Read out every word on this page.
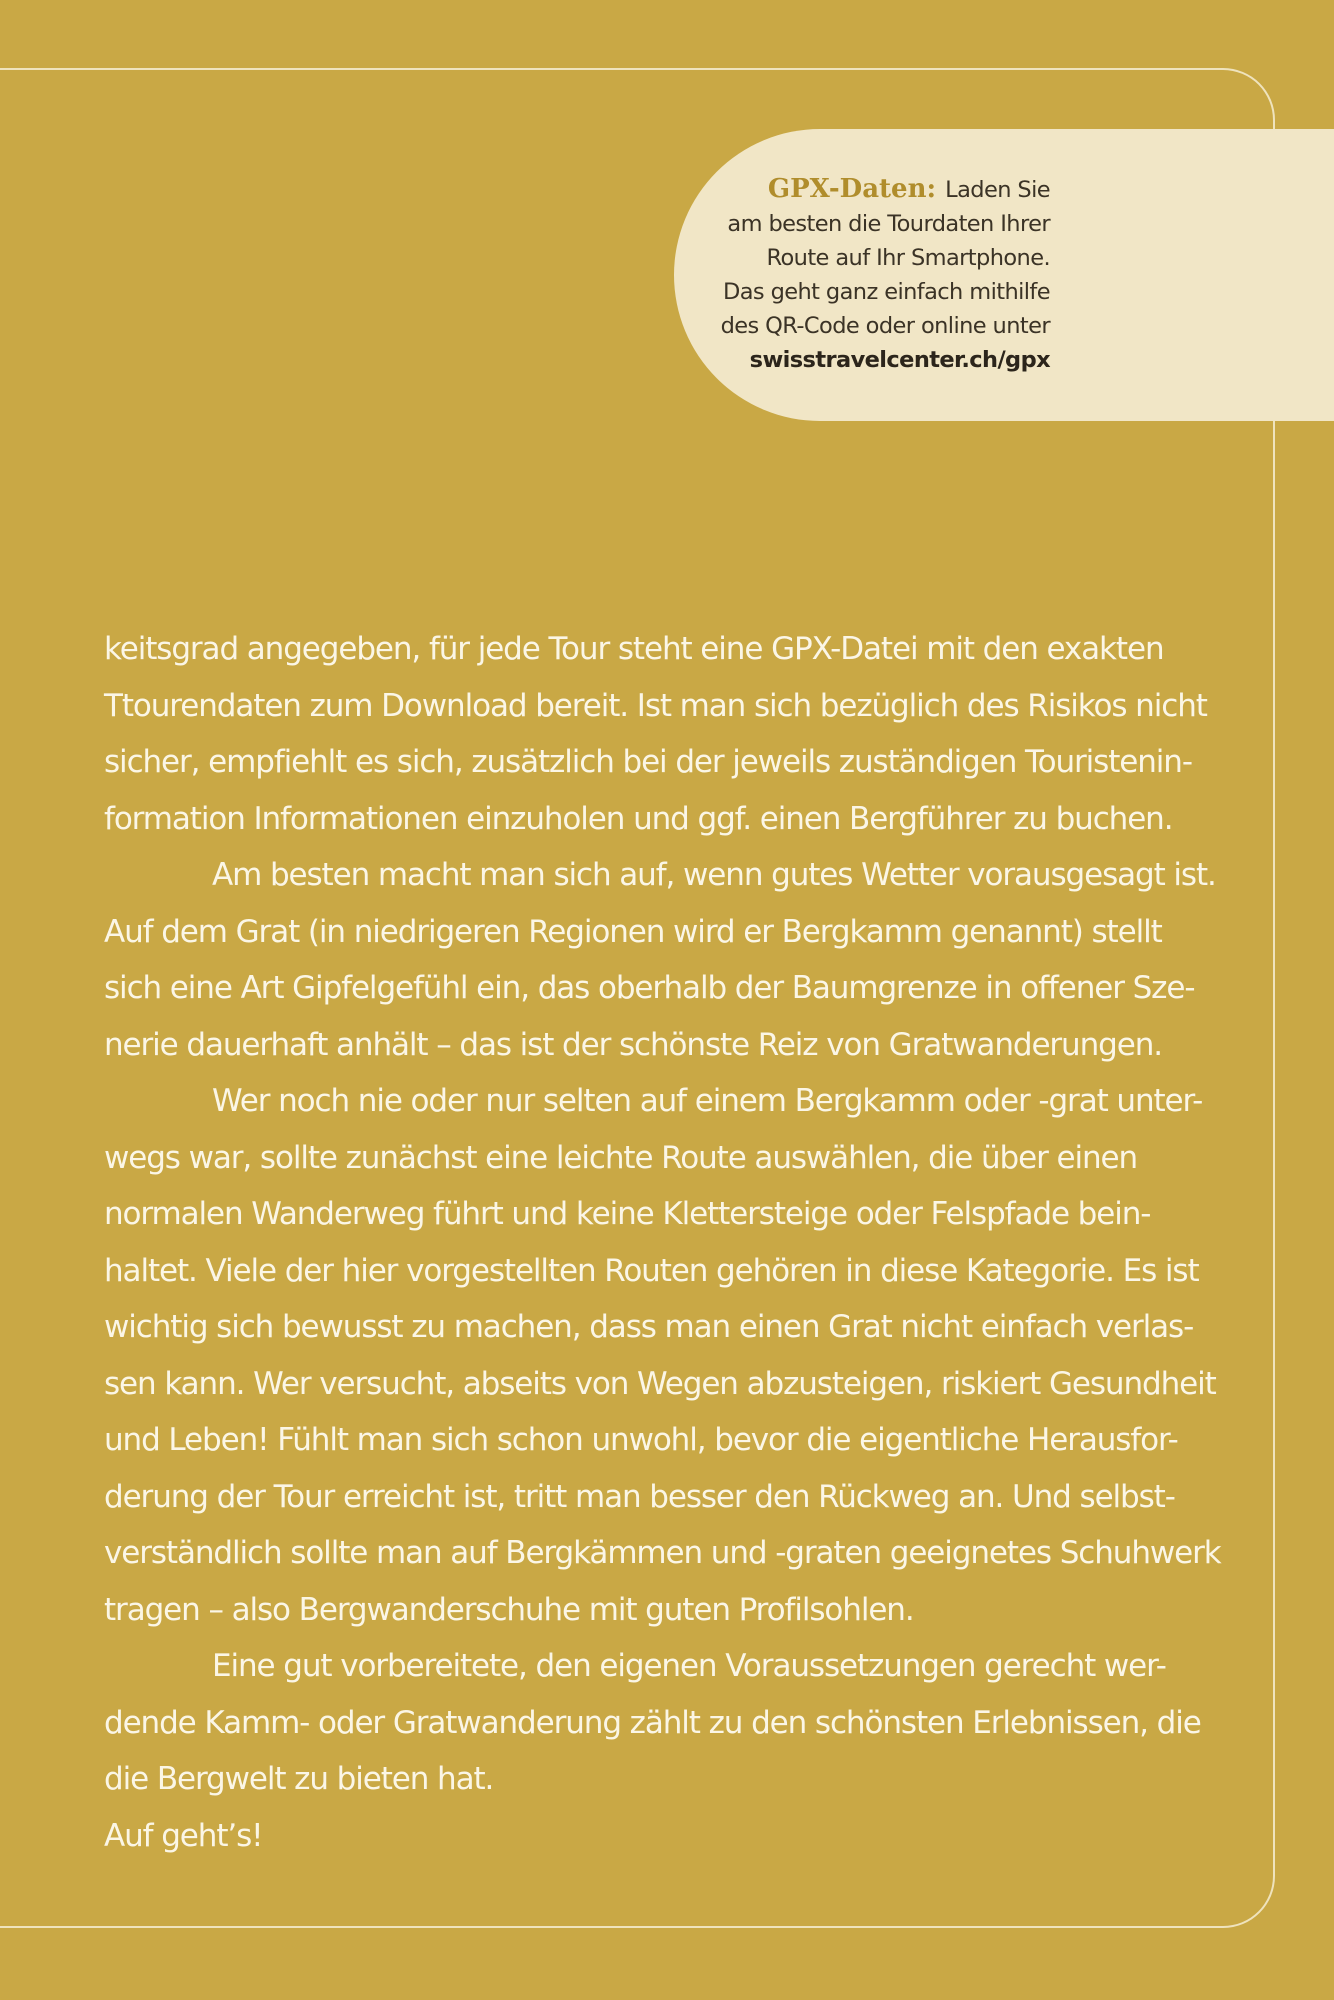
GPX-Daten: Laden Sie
am besten die Tourdaten Ihrer
Route auf Ihr Smartphone.
Das geht ganz einfach mithilfe
des QR-Code oder online unter
swisstravelcenter.ch/gpx
keitsgrad angegeben, für jede Tour steht eine GPX-Datei mit den exakten
Ttourendaten zum Download bereit. Ist man sich bezüglich des Risikos nicht
sicher, empfiehlt es sich, zusätzlich bei der jeweils zuständigen Touristenin-
formation Informationen einzuholen und ggf. einen Bergführer zu buchen.
Am besten macht man sich auf, wenn gutes Wetter vorausgesagt ist.
Auf dem Grat (in niedrigeren Regionen wird er Bergkamm genannt) stellt
sich eine Art Gipfelgefühl ein, das oberhalb der Baumgrenze in offener Sze-
nerie dauerhaft anhält – das ist der schönste Reiz von Gratwanderungen.
Wer noch nie oder nur selten auf einem Bergkamm oder -grat unter-
wegs war, sollte zunächst eine leichte Route auswählen, die über einen
normalen Wanderweg führt und keine Klettersteige oder Felspfade bein-
haltet. Viele der hier vorgestellten Routen gehören in diese Kategorie. Es ist
wichtig sich bewusst zu machen, dass man einen Grat nicht einfach verlas-
sen kann. Wer versucht, abseits von Wegen abzusteigen, riskiert Gesundheit
und Leben! Fühlt man sich schon unwohl, bevor die eigentliche Herausfor-
derung der Tour erreicht ist, tritt man besser den Rückweg an. Und selbst-
verständlich sollte man auf Bergkämmen und -graten geeignetes Schuhwerk
tragen – also Bergwanderschuhe mit guten Profilsohlen.
Eine gut vorbereitete, den eigenen Voraussetzungen gerecht wer-
dende Kamm- oder Gratwanderung zählt zu den schönsten Erlebnissen, die
die Bergwelt zu bieten hat.
Auf geht’s!
